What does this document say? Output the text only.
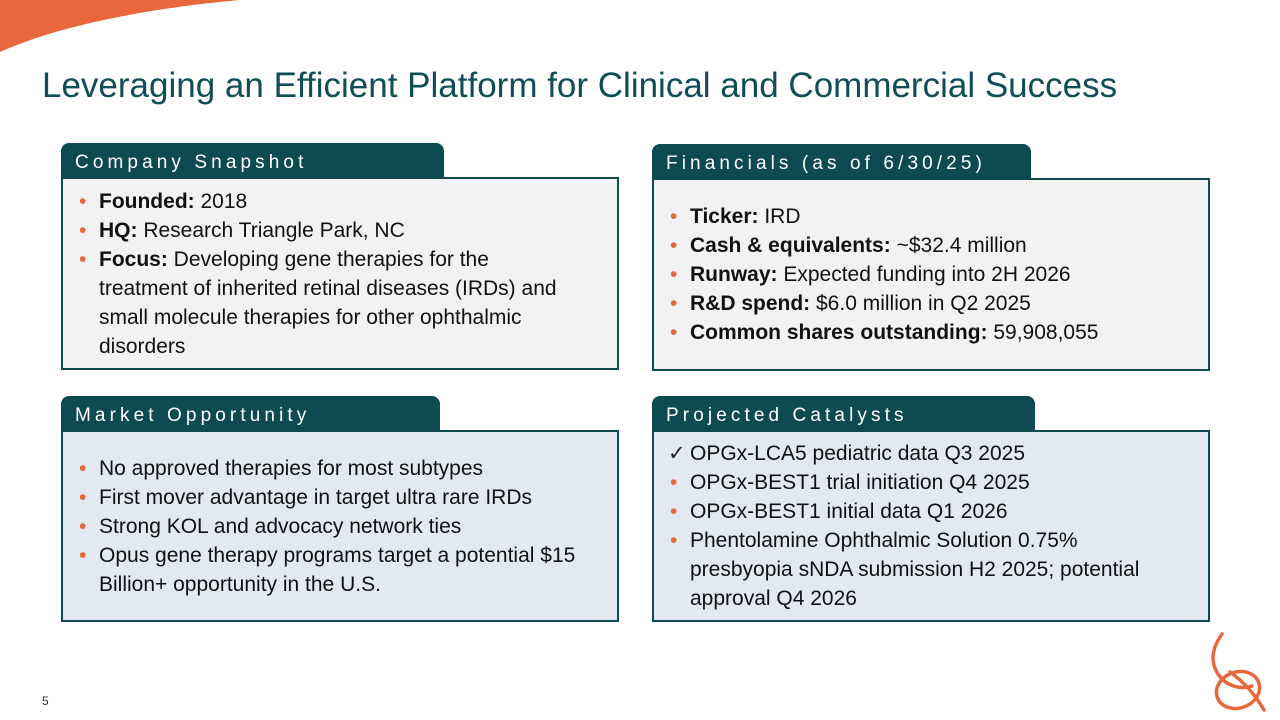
Leveraging an Efficient Platform for Clinical and Commercial Success
Company Snapshot
• Founded: 2018
• HQ: Research Triangle Park, NC
• Focus: Developing gene therapies for the treatment of inherited retinal diseases (IRDs) and small molecule therapies for other ophthalmic disorders
Financials (as of 6/30/25)
• Ticker: IRD
• Cash & equivalents: ~$32.4 million
• Runway: Expected funding into 2H 2026
• R&D spend: $6.0 million in Q2 2025
• Common shares outstanding: 59,908,055
Market Opportunity
• No approved therapies for most subtypes
• First mover advantage in target ultra rare IRDs
• Strong KOL and advocacy network ties
• Opus gene therapy programs target a potential $15 Billion+ opportunity in the U.S.
Projected Catalysts
✓ OPGx-LCA5 pediatric data Q3 2025
• OPGx-BEST1 trial initiation Q4 2025
• OPGx-BEST1 initial data Q1 2026
• Phentolamine Ophthalmic Solution 0.75% presbyopia sNDA submission H2 2025; potential approval Q4 2026
5
